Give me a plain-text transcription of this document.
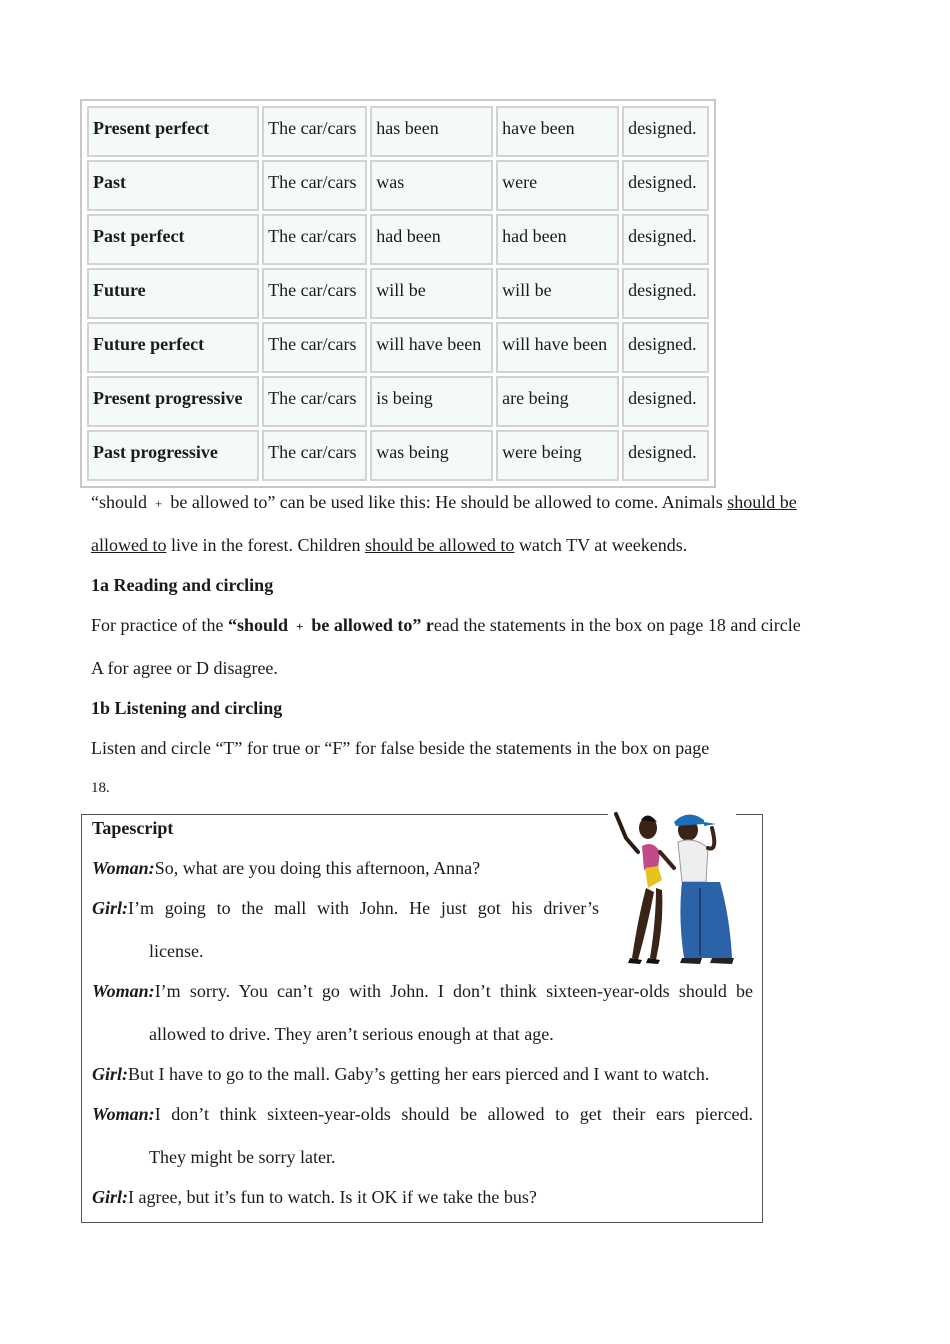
Present perfect	The car/cars	has been	have been	designed.
Past	The car/cars	was	were	designed.
Past perfect	The car/cars	had been	had been	designed.
Future	The car/cars	will be	will be	designed.
Future perfect	The car/cars	will have been	will have been	designed.
Present progressive	The car/cars	is being	are being	designed.
Past progressive	The car/cars	was being	were being	designed.
“should + be allowed to” can be used like this: He should be allowed to come. Animals should be
allowed to live in the forest. Children should be allowed to watch TV at weekends.
1a Reading and circling
For practice of the “should + be allowed to” read the statements in the box on page 18 and circle
A for agree or D disagree.
1b Listening and circling
Listen and circle “T” for true or “F” for false beside the statements in the box on page
18.
Tapescript
Woman:So, what are you doing this afternoon, Anna?
Girl:I’m going to the mall with John. He just got his driver’s
license.
Woman:I’m sorry. You can’t go with John. I don’t think sixteen-year-olds should be
allowed to drive. They aren’t serious enough at that age.
Girl:But I have to go to the mall. Gaby’s getting her ears pierced and I want to watch.
Woman:I don’t think sixteen-year-olds should be allowed to get their ears pierced.
They might be sorry later.
Girl:I agree, but it’s fun to watch. Is it OK if we take the bus?
